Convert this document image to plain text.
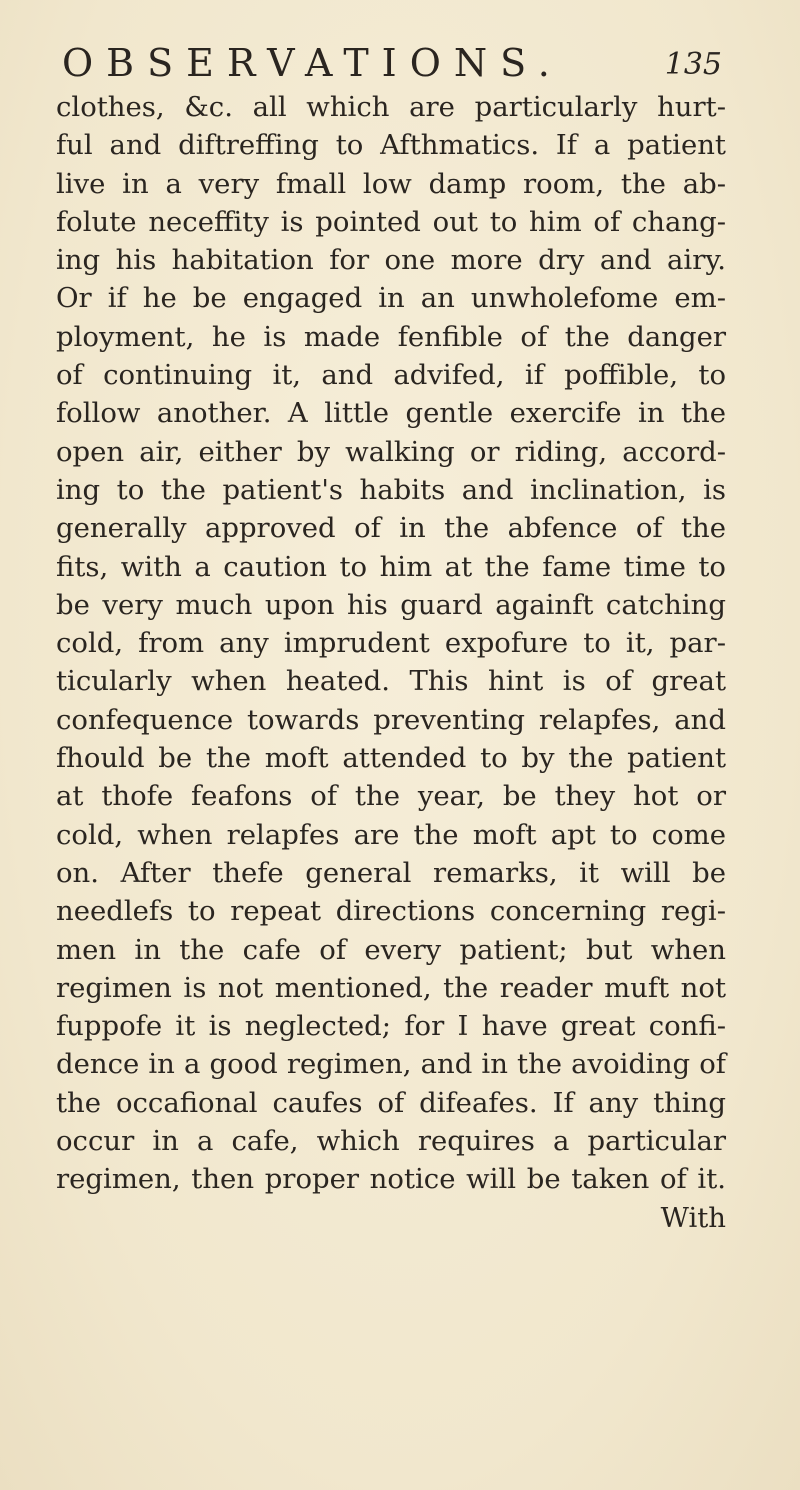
OBSERVATIONS.	135
clothes, &c. all which are particularly hurt-
ful and diftreffing to Afthmatics. If a patient
live in a very fmall low damp room, the ab-
folute neceffity is pointed out to him of chang-
ing his habitation for one more dry and airy.
Or if he be engaged in an unwholefome em-
ployment, he is made fenfible of the danger
of continuing it, and advifed, if poffible, to
follow another. A little gentle exercife in the
open air, either by walking or riding, accord-
ing to the patient's habits and inclination, is
generally approved of in the abfence of the
fits, with a caution to him at the fame time to
be very much upon his guard againft catching
cold, from any imprudent expofure to it, par-
ticularly when heated. This hint is of great
confequence towards preventing relapfes, and
fhould be the moft attended to by the patient
at thofe feafons of the year, be they hot or
cold, when relapfes are the moft apt to come
on. After thefe general remarks, it will be
needlefs to repeat directions concerning regi-
men in the cafe of every patient; but when
regimen is not mentioned, the reader muft not
fuppofe it is neglected; for I have great confi-
dence in a good regimen, and in the avoiding of
the occafional caufes of difeafes. If any thing
occur in a cafe, which requires a particular
regimen, then proper notice will be taken of it.
With
